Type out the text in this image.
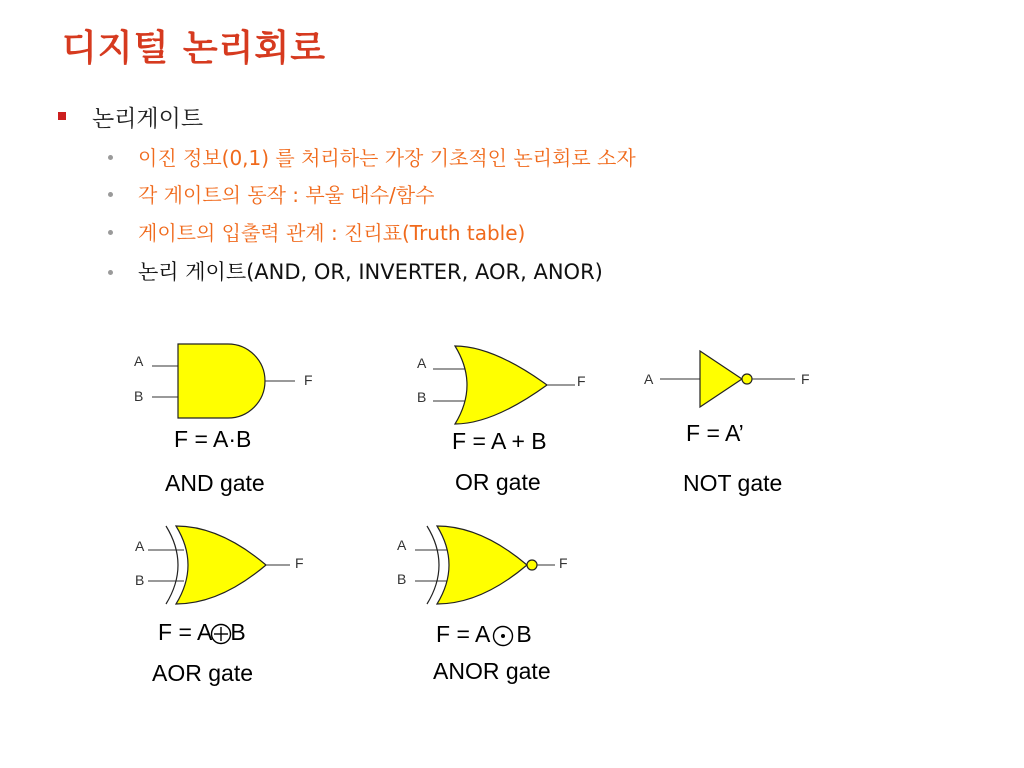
디지털 논리회로
논리게이트
이진 정보(0,1) 를 처리하는 가장 기초적인 논리회로 소자
각 게이트의 동작 : 부울 대수/함수
게이트의 입출력 관계 : 진리표(Truth table)
논리 게이트(AND, OR, INVERTER, AOR, ANOR)
A
B
F
F = A·B
AND gate
A
B
F
F = A + B
OR gate
A	F
F = A’
NOT gate
A
B
F
F = A B
AOR gate
A
B
F
F = A B
ANOR gate
